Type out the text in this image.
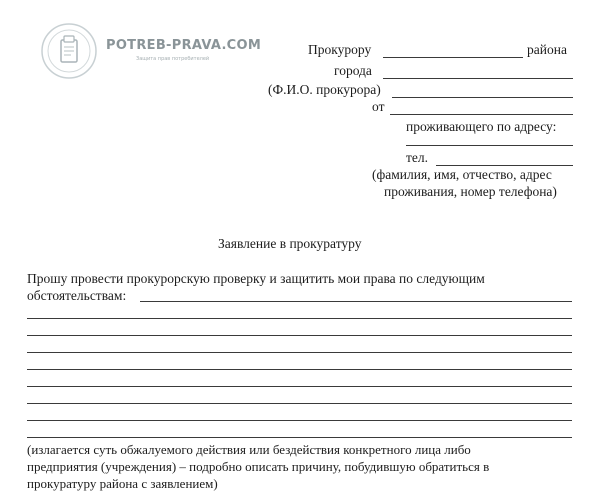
POTREB-PRAVA.COM
Защита прав потребителей
Прокурору	района
города
(Ф.И.О. прокурора)
от
проживающего по адресу:
тел.
(фамилия, имя, отчество, адрес
проживания, номер телефона)
Заявление в прокуратуру
Прошу провести прокурорскую проверку и защитить мои права по следующим
обстоятельствам:
(излагается суть обжалуемого действия или бездействия конкретного лица либо
предприятия (учреждения) – подробно описать причину, побудившую обратиться в
прокуратуру района с заявлением)
